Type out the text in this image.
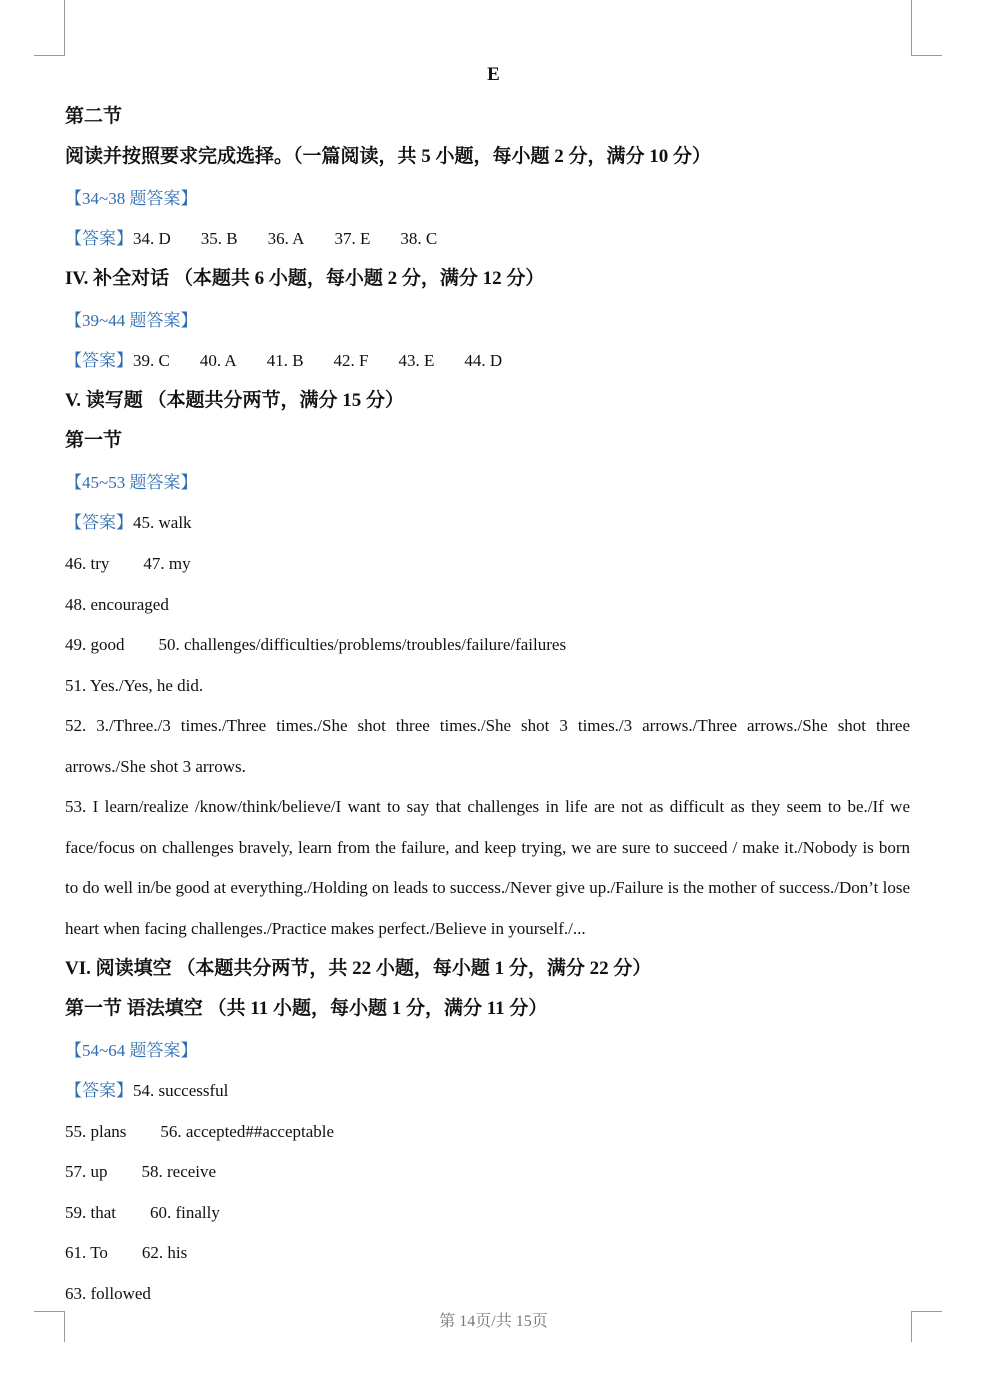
E
第二节
阅读并按照要求完成选择。（一篇阅读，共 5 小题，每小题 2 分，满分 10 分）
【34~38 题答案】
【答案】34. D 35. B 36. A 37. E 38. C
IV. 补全对话 （本题共 6 小题，每小题 2 分，满分 12 分）
【39~44 题答案】
【答案】39. C 40. A 41. B 42. F 43. E 44. D
V. 读写题 （本题共分两节，满分 15 分）
第一节
【45~53 题答案】
【答案】45. walk
46. try 47. my
48. encouraged
49. good 50. challenges/difficulties/problems/troubles/failure/failures
51. Yes./Yes, he did.
52. 3./Three./3 times./Three times./She shot three times./She shot 3 times./3 arrows./Three arrows./She shot three arrows./She shot 3 arrows.
53. I learn/realize /know/think/believe/I want to say that challenges in life are not as difficult as they seem to be./If we face/focus on challenges bravely, learn from the failure, and keep trying, we are sure to succeed / make it./Nobody is born to do well in/be good at everything./Holding on leads to success./Never give up./Failure is the mother of success./Don’t lose heart when facing challenges./Practice makes perfect./Believe in yourself./...
VI. 阅读填空 （本题共分两节，共 22 小题，每小题 1 分，满分 22 分）
第一节 语法填空 （共 11 小题，每小题 1 分，满分 11 分）
【54~64 题答案】
【答案】54. successful
55. plans 56. accepted##acceptable
57. up 58. receive
59. that 60. finally
61. To 62. his
63. followed
第 14页/共 15页
